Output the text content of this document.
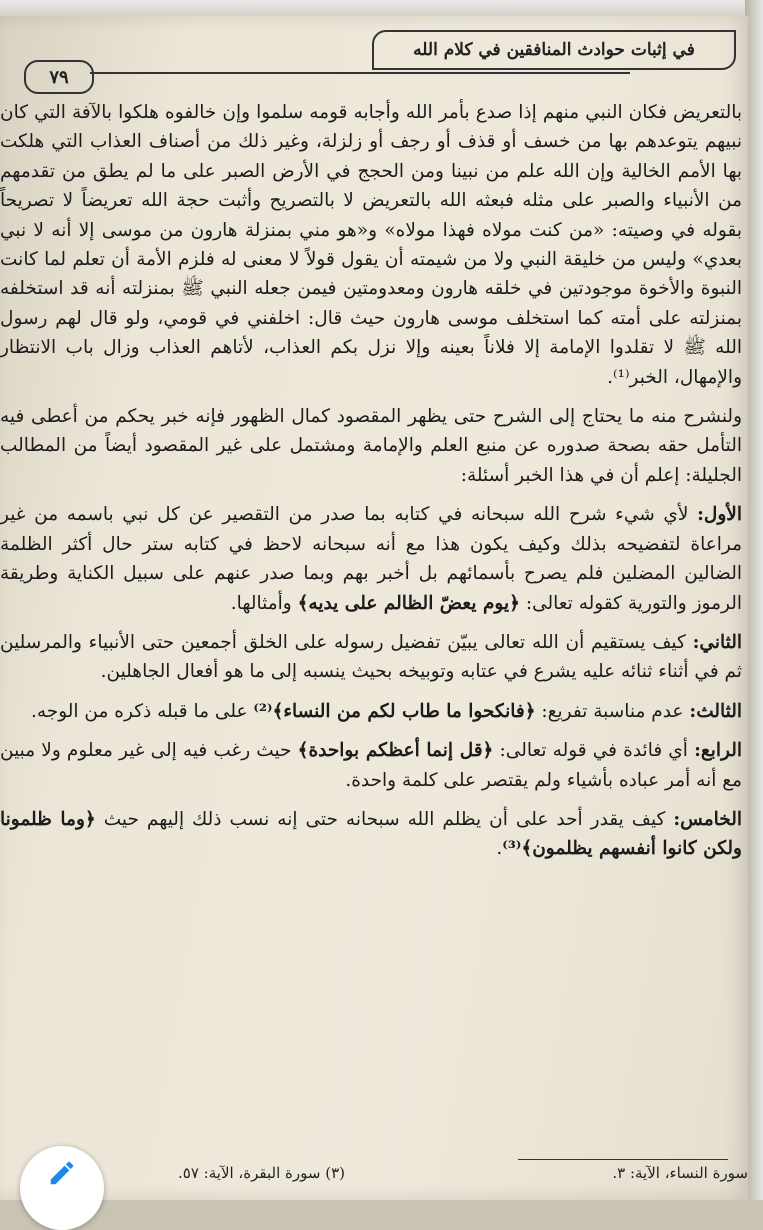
في إثبات حوادث المنافقين في كلام الله
٧٩

بالتعريض فكان النبي منهم إذا صدع بأمر الله وأجابه قومه سلموا وإن خالفوه هلكوا بالآفة التي كان نبيهم يتوعدهم بها من خسف أو قذف أو رجف أو زلزلة، وغير ذلك من أصناف العذاب التي هلكت بها الأمم الخالية وإن الله علم من نبينا ومن الحجج في الأرض الصبر على ما لم يطق من تقدمهم من الأنبياء والصبر على مثله فبعثه الله بالتعريض لا بالتصريح وأثبت حجة الله تعريضاً لا تصريحاً بقوله في وصيته: «من كنت مولاه فهذا مولاه» و«هو مني بمنزلة هارون من موسى إلا أنه لا نبي بعدي» وليس من خليقة النبي ولا من شيمته أن يقول قولاً لا معنى له فلزم الأمة أن تعلم لما كانت النبوة والأخوة موجودتين في خلقه هارون ومعدومتين فيمن جعله النبي ﷺ بمنزلته أنه قد استخلفه بمنزلته على أمته كما استخلف موسى هارون حيث قال: اخلفني في قومي، ولو قال لهم رسول الله ﷺ لا تقلدوا الإمامة إلا فلاناً بعينه وإلا نزل بكم العذاب، لأتاهم العذاب وزال باب الانتظار والإمهال، الخبر⁽¹⁾.

ولنشرح منه ما يحتاج إلى الشرح حتى يظهر المقصود كمال الظهور فإنه خبر يحكم من أعطى فيه التأمل حقه بصحة صدوره عن منبع العلم والإمامة ومشتمل على غير المقصود أيضاً من المطالب الجليلة: إعلم أن في هذا الخبر أسئلة:

الأول: لأي شيء شرح الله سبحانه في كتابه بما صدر من التقصير عن كل نبي باسمه من غير مراعاة لتفضيحه بذلك وكيف يكون هذا مع أنه سبحانه لاحظ في كتابه ستر حال أكثر الظلمة الضالين المضلين فلم يصرح بأسمائهم بل أخبر بهم وبما صدر عنهم على سبيل الكناية وطريقة الرموز والتورية كقوله تعالى: ﴿يوم يعضّ الظالم على يديه﴾ وأمثالها.

الثاني: كيف يستقيم أن الله تعالى يبيّن تفضيل رسوله على الخلق أجمعين حتى الأنبياء والمرسلين ثم في أثناء ثنائه عليه يشرع في عتابه وتوبيخه بحيث ينسبه إلى ما هو أفعال الجاهلين.

الثالث: عدم مناسبة تفريع: ﴿فانكحوا ما طاب لكم من النساء﴾⁽²⁾ على ما قبله ذكره من الوجه.

الرابع: أي فائدة في قوله تعالى: ﴿قل إنما أعظكم بواحدة﴾ حيث رغب فيه إلى غير معلوم ولا مبين مع أنه أمر عباده بأشياء ولم يقتصر على كلمة واحدة.

الخامس: كيف يقدر أحد على أن يظلم الله سبحانه حتى إنه نسب ذلك إليهم حيث ﴿وما ظلمونا ولكن كانوا أنفسهم يظلمون﴾⁽³⁾.

سورة النساء، الآية: ٣.
(٣) سورة البقرة، الآية: ٥٧.
